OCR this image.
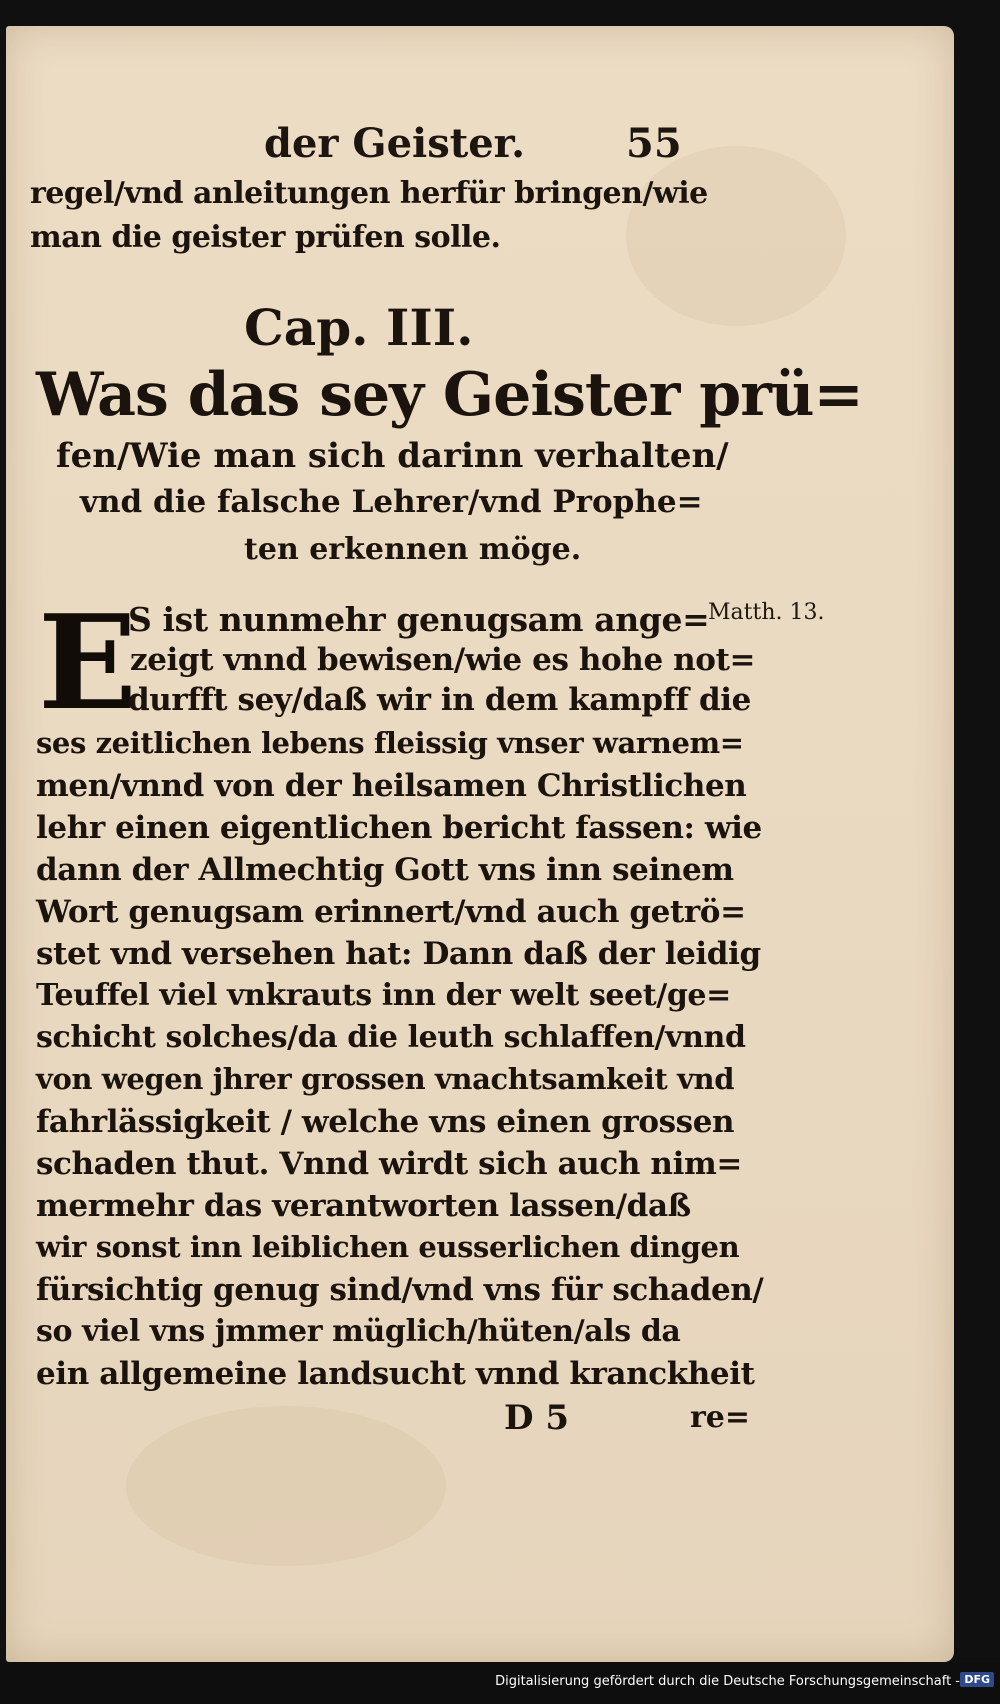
der Geister.	55
regel/vnd anleitungen herfür bringen/wie
man die geister prüfen solle.
Cap. III.
Was das sey Geister prü=
fen/Wie man sich darinn verhalten/
vnd die falsche Lehrer/vnd Prophe=
ten erkennen möge.
Matth. 13.
E
S ist nunmehr genugsam ange=
zeigt vnnd bewisen/wie es hohe not=
durfft sey/daß wir in dem kampff die
ses zeitlichen lebens fleissig vnser warnem=
men/vnnd von der heilsamen Christlichen
lehr einen eigentlichen bericht fassen: wie
dann der Allmechtig Gott vns inn seinem
Wort genugsam erinnert/vnd auch getrö=
stet vnd versehen hat: Dann daß der leidig
Teuffel viel vnkrauts inn der welt seet/ge=
schicht solches/da die leuth schlaffen/vnnd
von wegen jhrer grossen vnachtsamkeit vnd
fahrlässigkeit / welche vns einen grossen
schaden thut. Vnnd wirdt sich auch nim=
mermehr das verantworten lassen/daß
wir sonst inn leiblichen eusserlichen dingen
fürsichtig genug sind/vnd vns für schaden/
so viel vns jmmer müglich/hüten/als da
ein allgemeine landsucht vnnd kranckheit
D 5	re=
Digitalisierung gefördert durch die Deutsche Forschungsgemeinschaft - DFG
